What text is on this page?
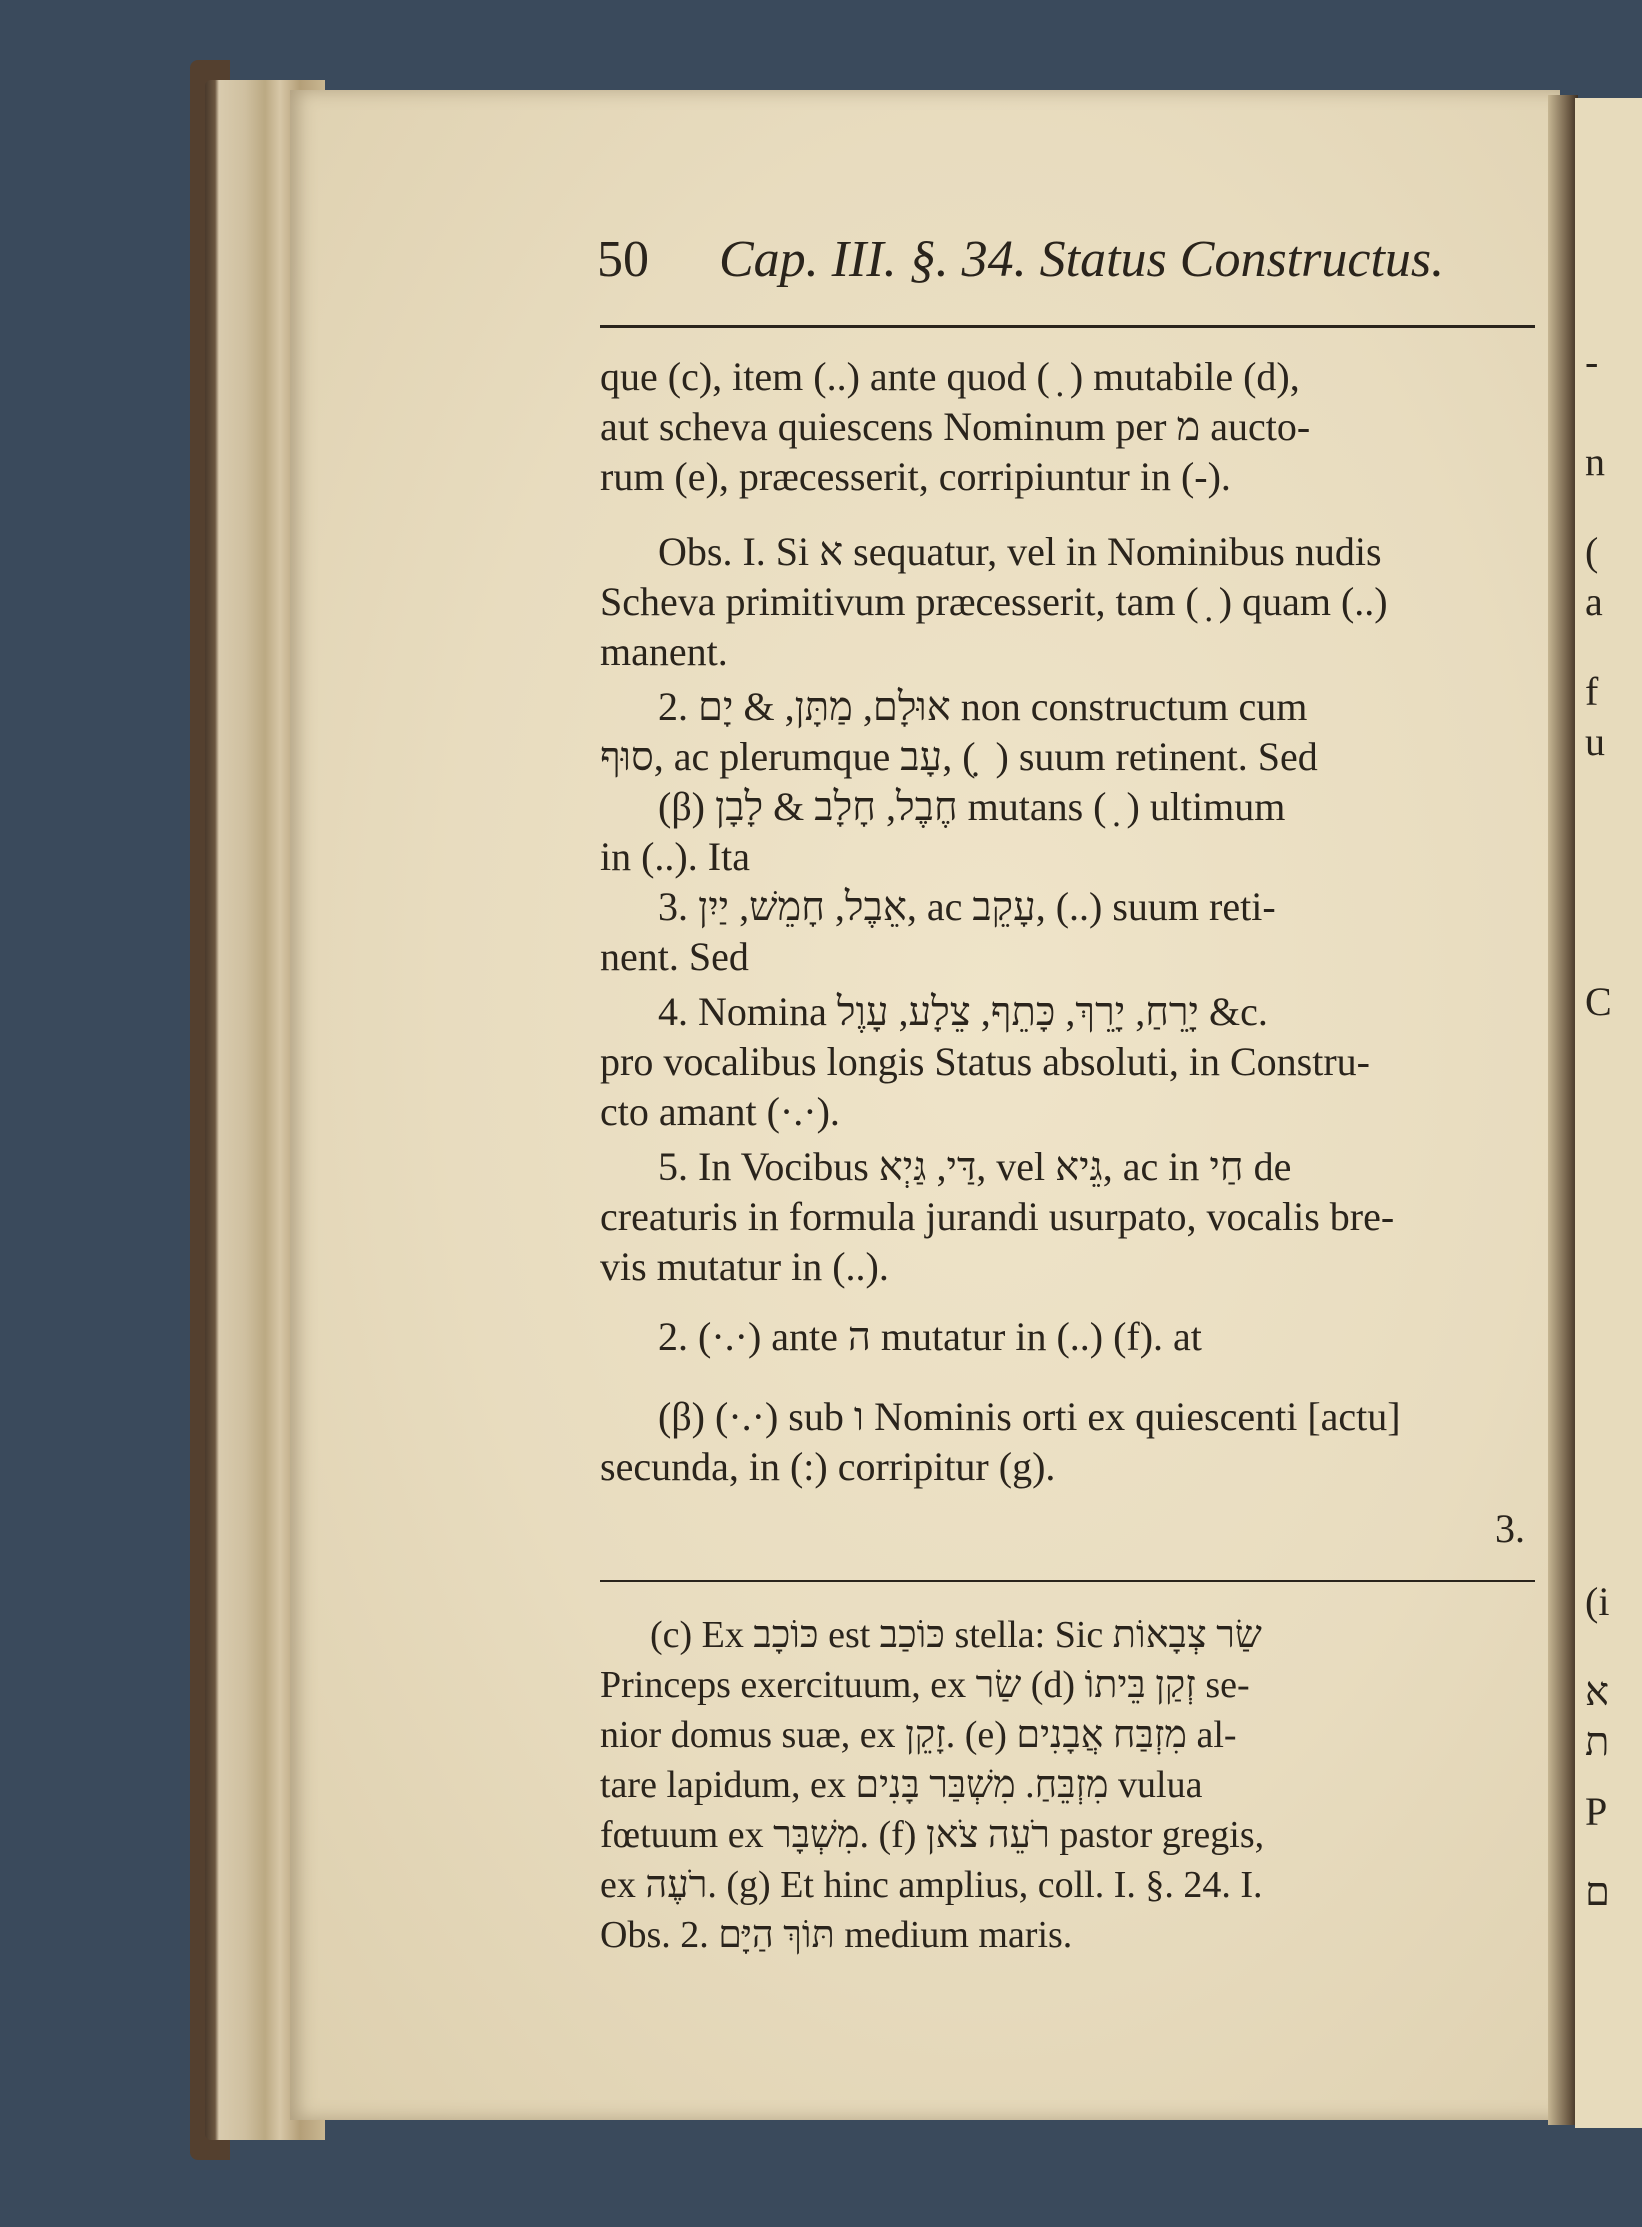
-
n
(
a
f
u
C
(i
א
ת
P
ם
50 Cap. III. §. 34. Status Constructus.
que (c), item (..) ante quod ( ̣ ) mutabile (d),
aut scheva quiescens Nominum per מ aucto-
rum (e), præcesserit, corripiuntur in (-).
Obs. I. Si א sequatur, vel in Nominibus nudis
Scheva primitivum præcesserit, tam ( ̣ ) quam (..)
manent.
2. אוּלָם, מַתָּן, & יָם non constructum cum
סוּף, ac plerumque עָב, ( ̣ ) suum retinent. Sed
(β) חֶבֶל, חָלָב & לָבָן mutans ( ̣ ) ultimum
in (..). Ita
3. אֵבֶל, חָמֵשׁ, יַיִן, ac עָקֵב, (..) suum reti-
nent. Sed
4. Nomina יָרֵחַ, יָרֵךְ, כָּתֵף, צֵלָע, עָוֶל &c.
pro vocalibus longis Status absoluti, in Constru-
cto amant (·.·).
5. In Vocibus דַּי, גַּיְא, vel גֵּיא, ac in חַי de
creaturis in formula jurandi usurpato, vocalis bre-
vis mutatur in (..).
2. (·.·) ante ה mutatur in (..) (f). at
(β) (·.·) sub ו Nominis orti ex quiescenti [actu]
secunda, in (:) corripitur (g).
3.
(c) Ex כּוֹכָב est כּוֹכַב stella: Sic שַׂר צְבָאוֹת
Princeps exercituum, ex שַׂר (d) זְקַן בֵּיתוֹ se-
nior domus suæ, ex זָקֵן. (e) מִזְבַּח אֲבָנִים al-
tare lapidum, ex מִזְבֵּחַ. מִשְׁבַּר בָּנִים vulua
fœtuum ex מִשְׁבָּר. (f) רֹעֵה צֹאן pastor gregis,
ex רֹעֶה. (g) Et hinc amplius, coll. I. §. 24. I.
Obs. 2. תּוֹךְ הַיָּם medium maris.
